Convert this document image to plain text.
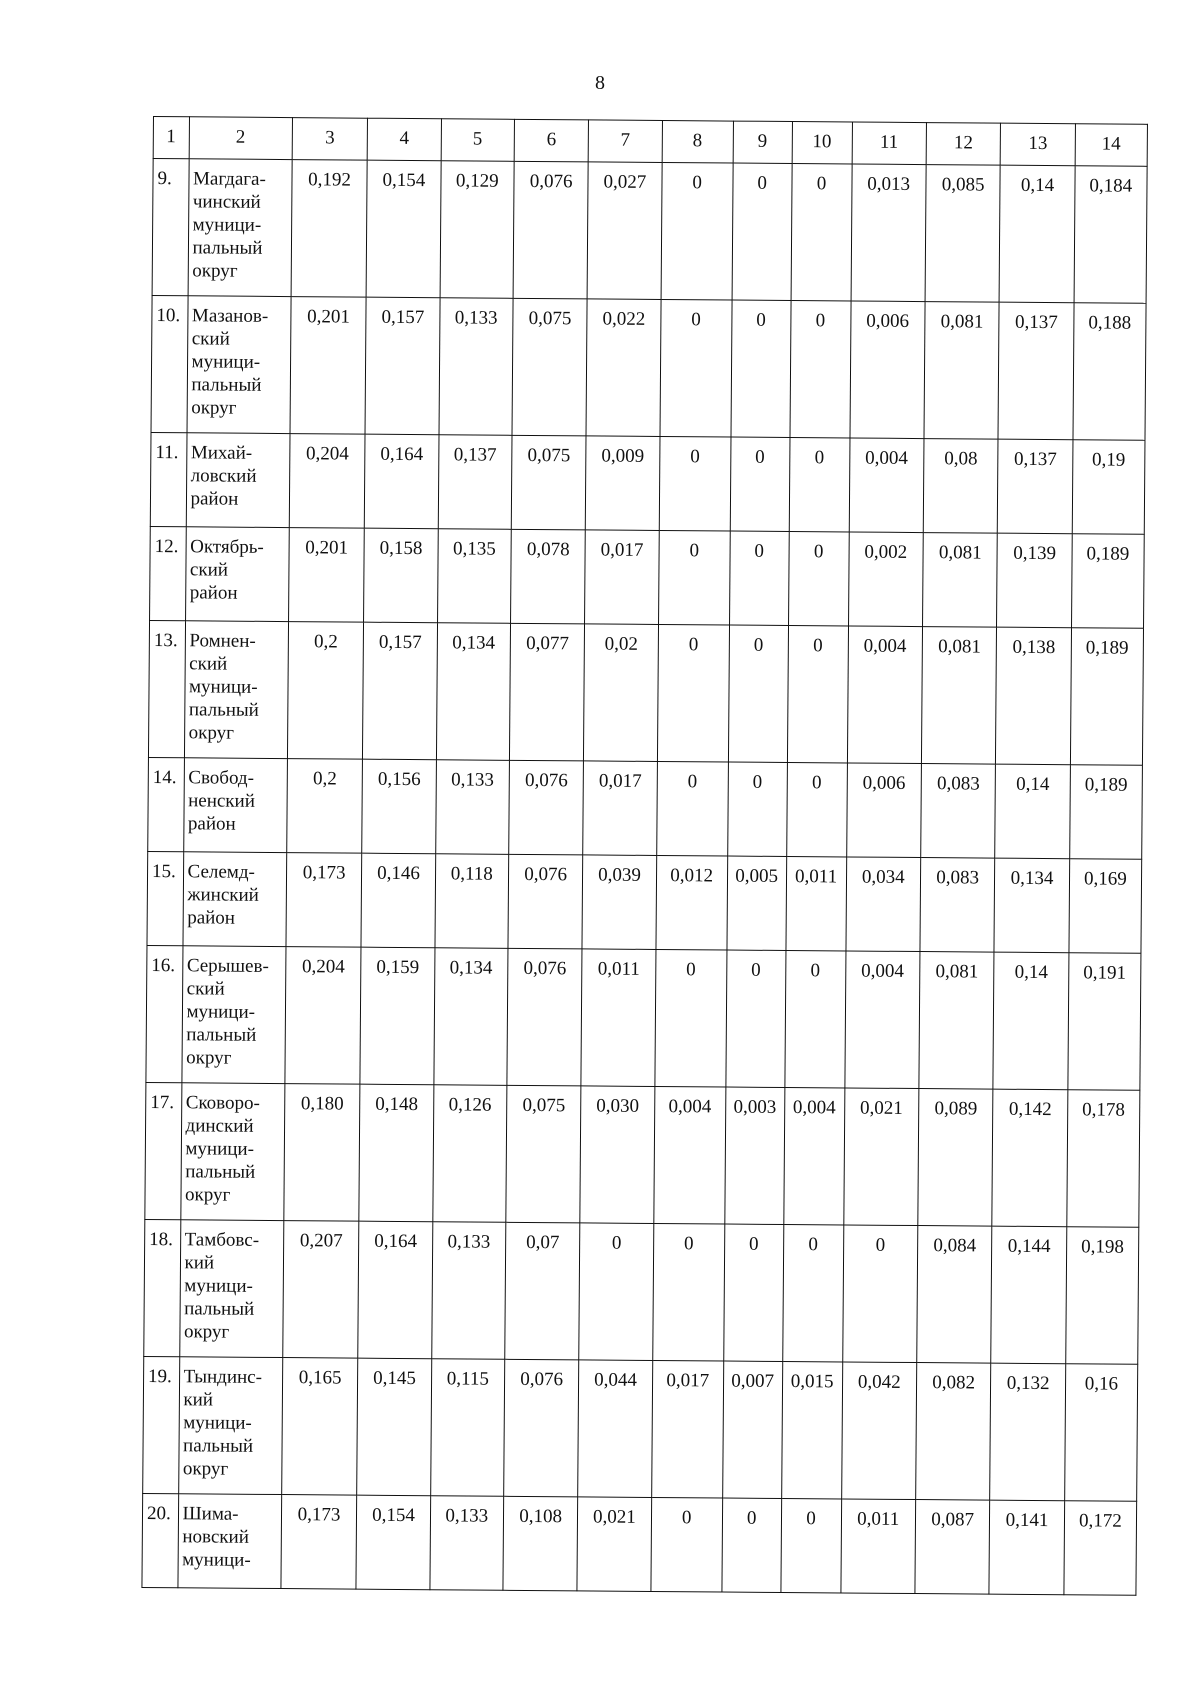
8
1	2	3	4	5	6	7	8	9	10	11	12	13	14
9.	Магдага-
чинский
муници-
пальный
округ	0,192	0,154	0,129	0,076	0,027	0	0	0	0,013	0,085	0,14	0,184
10.	Мазанов-
ский
муници-
пальный
округ	0,201	0,157	0,133	0,075	0,022	0	0	0	0,006	0,081	0,137	0,188
11.	Михай-
ловский
район	0,204	0,164	0,137	0,075	0,009	0	0	0	0,004	0,08	0,137	0,19
12.	Октябрь-
ский
район	0,201	0,158	0,135	0,078	0,017	0	0	0	0,002	0,081	0,139	0,189
13.	Ромнен-
ский
муници-
пальный
округ	0,2	0,157	0,134	0,077	0,02	0	0	0	0,004	0,081	0,138	0,189
14.	Свобод-
ненский
район	0,2	0,156	0,133	0,076	0,017	0	0	0	0,006	0,083	0,14	0,189
15.	Селемд-
жинский
район	0,173	0,146	0,118	0,076	0,039	0,012	0,005	0,011	0,034	0,083	0,134	0,169
16.	Серышев-
ский
муници-
пальный
округ	0,204	0,159	0,134	0,076	0,011	0	0	0	0,004	0,081	0,14	0,191
17.	Сковоро-
динский
муници-
пальный
округ	0,180	0,148	0,126	0,075	0,030	0,004	0,003	0,004	0,021	0,089	0,142	0,178
18.	Тамбовс-
кий
муници-
пальный
округ	0,207	0,164	0,133	0,07	0	0	0	0	0	0,084	0,144	0,198
19.	Тындинс-
кий
муници-
пальный
округ	0,165	0,145	0,115	0,076	0,044	0,017	0,007	0,015	0,042	0,082	0,132	0,16
20.	Шима-
новский
муници-	0,173	0,154	0,133	0,108	0,021	0	0	0	0,011	0,087	0,141	0,172
